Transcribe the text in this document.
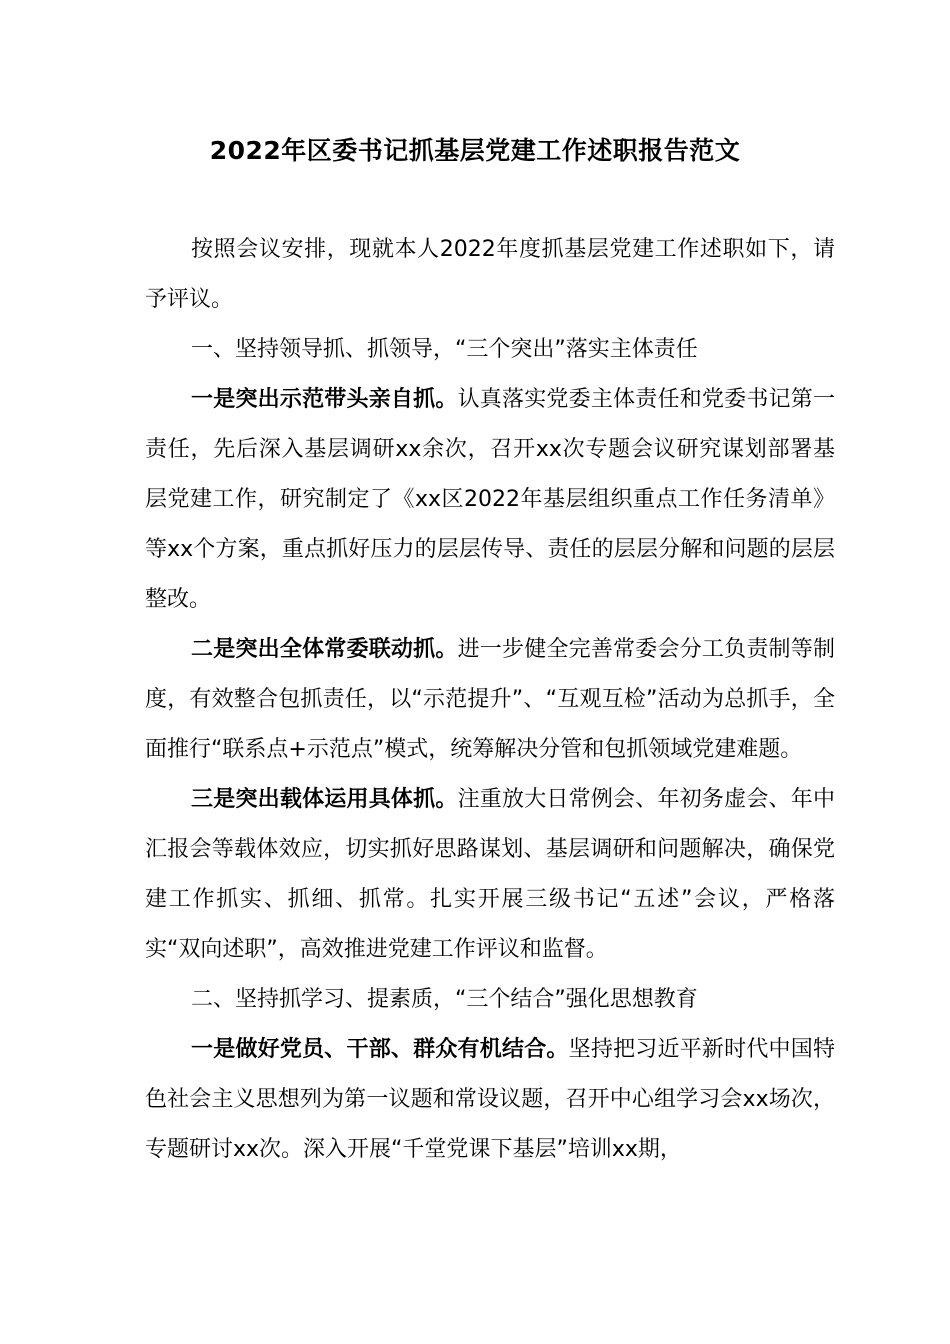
2022年区委书记抓基层党建工作述职报告范文

按照会议安排，现就本人2022年度抓基层党建工作述职如下，请予评议。

一、坚持领导抓、抓领导，“三个突出”落实主体责任

一是突出示范带头亲自抓。认真落实党委主体责任和党委书记第一责任，先后深入基层调研xx余次，召开xx次专题会议研究谋划部署基层党建工作，研究制定了《xx区2022年基层组织重点工作任务清单》等xx个方案，重点抓好压力的层层传导、责任的层层分解和问题的层层整改。

二是突出全体常委联动抓。进一步健全完善常委会分工负责制等制度，有效整合包抓责任，以“示范提升”、“互观互检”活动为总抓手，全面推行“联系点+示范点”模式，统筹解决分管和包抓领域党建难题。

三是突出载体运用具体抓。注重放大日常例会、年初务虚会、年中汇报会等载体效应，切实抓好思路谋划、基层调研和问题解决，确保党建工作抓实、抓细、抓常。扎实开展三级书记“五述”会议，严格落实“双向述职”，高效推进党建工作评议和监督。

二、坚持抓学习、提素质，“三个结合”强化思想教育

一是做好党员、干部、群众有机结合。坚持把习近平新时代中国特色社会主义思想列为第一议题和常设议题，召开中心组学习会xx场次，专题研讨xx次。深入开展“千堂党课下基层”培训xx期，
